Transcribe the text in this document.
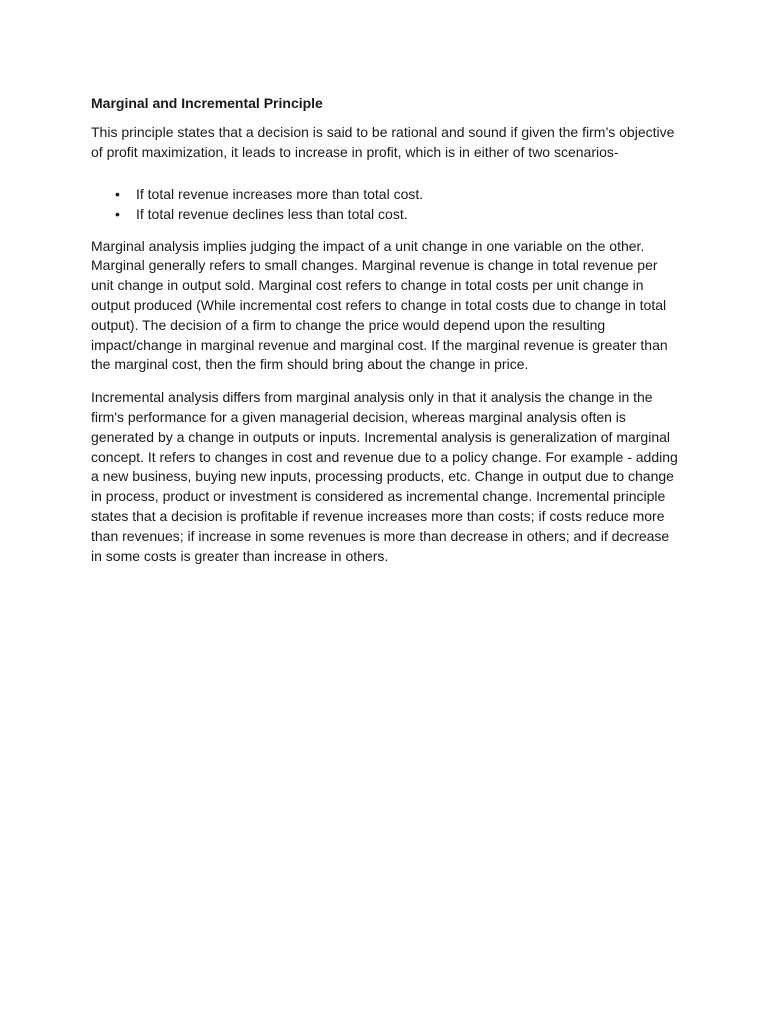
Marginal and Incremental Principle

This principle states that a decision is said to be rational and sound if given the firm’s objective of profit maximization, it leads to increase in profit, which is in either of two scenarios-

• If total revenue increases more than total cost.
• If total revenue declines less than total cost.

Marginal analysis implies judging the impact of a unit change in one variable on the other. Marginal generally refers to small changes. Marginal revenue is change in total revenue per unit change in output sold. Marginal cost refers to change in total costs per unit change in output produced (While incremental cost refers to change in total costs due to change in total output). The decision of a firm to change the price would depend upon the resulting impact/change in marginal revenue and marginal cost. If the marginal revenue is greater than the marginal cost, then the firm should bring about the change in price.

Incremental analysis differs from marginal analysis only in that it analysis the change in the firm's performance for a given managerial decision, whereas marginal analysis often is generated by a change in outputs or inputs. Incremental analysis is generalization of marginal concept. It refers to changes in cost and revenue due to a policy change. For example - adding a new business, buying new inputs, processing products, etc. Change in output due to change in process, product or investment is considered as incremental change. Incremental principle states that a decision is profitable if revenue increases more than costs; if costs reduce more than revenues; if increase in some revenues is more than decrease in others; and if decrease in some costs is greater than increase in others.
